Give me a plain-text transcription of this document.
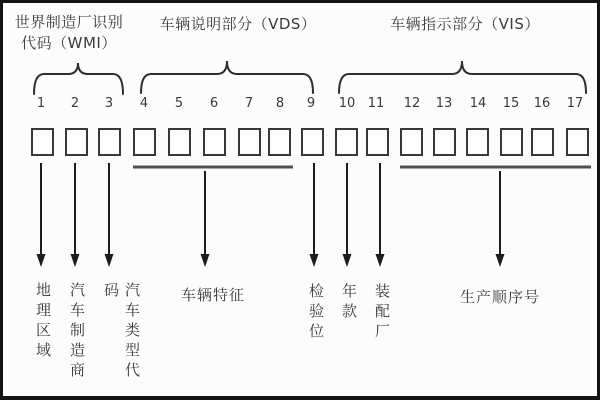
世界制造厂识别
代码（WMI）
车辆说明部分（VDS）	车辆指示部分（VIS）
1 2 3 4 5 6 7 8 9 10 11 12 13 14 15 16 17
地理区域 汽车制造商	汽车类型代码	车辆特征	检验位 年款 装配厂	生产顺序号
